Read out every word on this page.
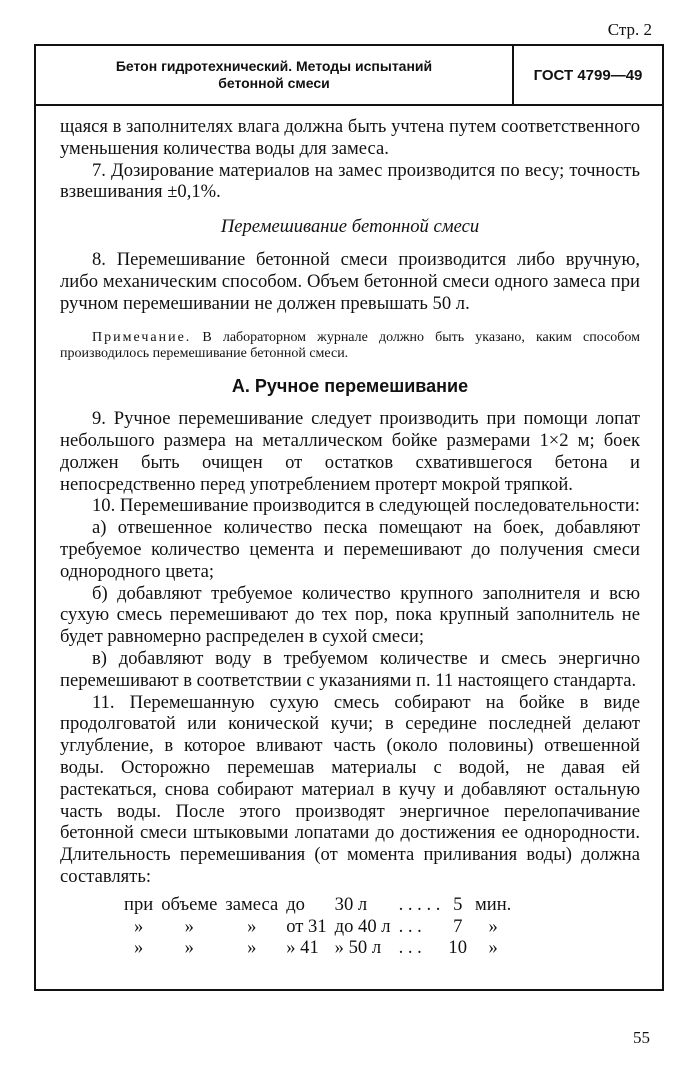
Стр. 2
Бетон гидротехнический. Методы испытаний
бетонной смеси	ГОСТ 4799—49

щаяся в заполнителях влага должна быть учтена путем соответственного уменьшения количества воды для замеса.

7. Дозирование материалов на замес производится по весу; точность взвешивания ±0,1%.

Перемешивание бетонной смеси

8. Перемешивание бетонной смеси производится либо вручную, либо механическим способом. Объем бетонной смеси одного замеса при ручном перемешивании не должен превышать 50 л.

Примечание. В лабораторном журнале должно быть указано, каким способом производилось перемешивание бетонной смеси.

А. Ручное перемешивание

9. Ручное перемешивание следует производить при помощи лопат небольшого размера на металлическом бойке размерами 1×2 м; боек должен быть очищен от остатков схватившегося бетона и непосредственно перед употреблением протерт мокрой тряпкой.

10. Перемешивание производится в следующей последовательности:

а) отвешенное количество песка помещают на боек, добавляют требуемое количество цемента и перемешивают до получения смеси однородного цвета;

б) добавляют требуемое количество крупного заполнителя и всю сухую смесь перемешивают до тех пор, пока крупный заполнитель не будет равномерно распределен в сухой смеси;

в) добавляют воду в требуемом количестве и смесь энергично перемешивают в соответствии с указаниями п. 11 настоящего стандарта.

11. Перемешанную сухую смесь собирают на бойке в виде продолговатой или конической кучи; в середине последней делают углубление, в которое вливают часть (около половины) отвешенной воды. Осторожно перемешав материалы с водой, не давая ей растекаться, снова собирают материал в кучу и добавляют остальную часть воды. После этого производят энергичное перелопачивание бетонной смеси штыковыми лопатами до достижения ее однородности. Длительность перемешивания (от момента приливания воды) должна составлять:

при	объеме	замеса	до	30 л	. . . . .	5	мин.
»	»	»	от 31	до 40 л	. . .	7	»
»	»	»	» 41	» 50 л	. . .	10	»
55
